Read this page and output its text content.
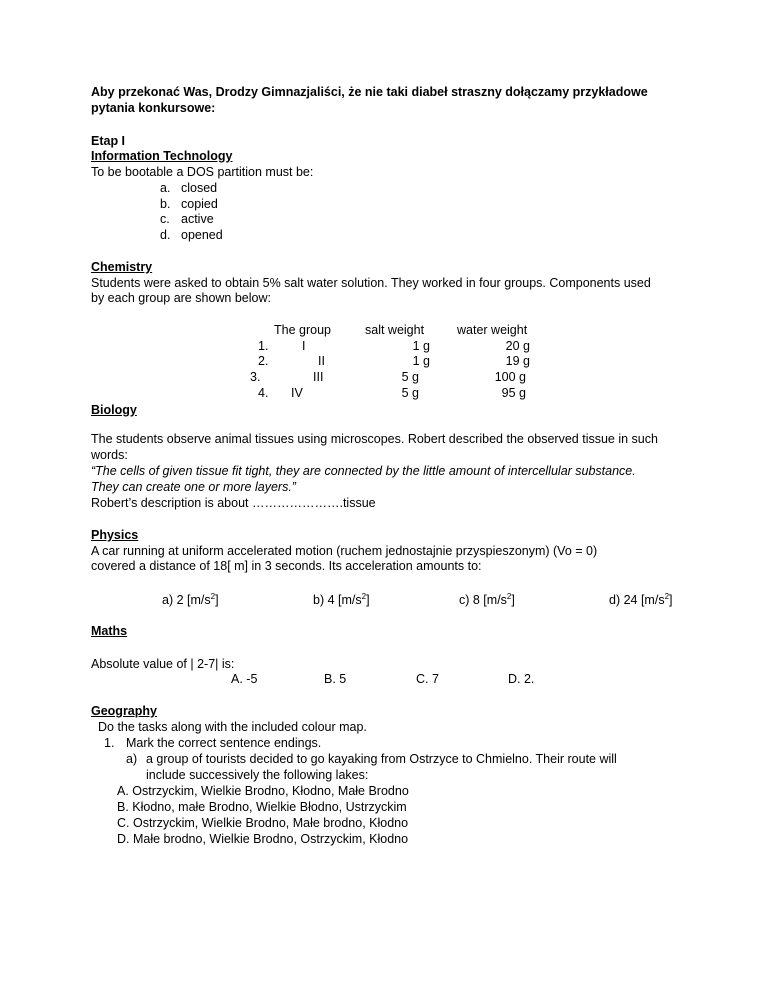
Aby przekonać Was, Drodzy Gimnazjaliści, że nie taki diabeł straszny dołączamy przykładowe
pytania konkursowe:
Etap I
Information Technology
To be bootable a DOS partition must be:
a. closed
b. copied
c. active
d. opened
Chemistry
Students were asked to obtain 5% salt water solution. They worked in four groups. Components used
by each group are shown below:
The group	salt weight	water weight
1.	I	1 g	20 g
2.	II	1 g	19 g
3.	III	5 g	100 g
4. IV	5 g	95 g
Biology
The students observe animal tissues using microscopes. Robert described the observed tissue in such
words:
“The cells of given tissue fit tight, they are connected by the little amount of intercellular substance.
They can create one or more layers.”
Robert’s description is about ………………….tissue
Physics
A car running at uniform accelerated motion (ruchem jednostajnie przyspieszonym) (Vo = 0)
covered a distance of 18[ m] in 3 seconds. Its acceleration amounts to:
a) 2 $[m/s^2]$	b) 4 $[m/s^2]$	c) 8 $[m/s^2]$	d) 24 $[m/s^2]$
Maths
Absolute value of | 2-7| is:
A. -5	B. 5	C. 7	D. 2.
Geography
Do the tasks along with the included colour map.
1. Mark the correct sentence endings.
a) a group of tourists decided to go kayaking from Ostrzyce to Chmielno. Their route will
include successively the following lakes:
A. Ostrzyckim, Wielkie Brodno, Kłodno, Małe Brodno
B. Kłodno, małe Brodno, Wielkie Błodno, Ustrzyckim
C. Ostrzyckim, Wielkie Brodno, Małe brodno, Kłodno
D. Małe brodno, Wielkie Brodno, Ostrzyckim, Kłodno
